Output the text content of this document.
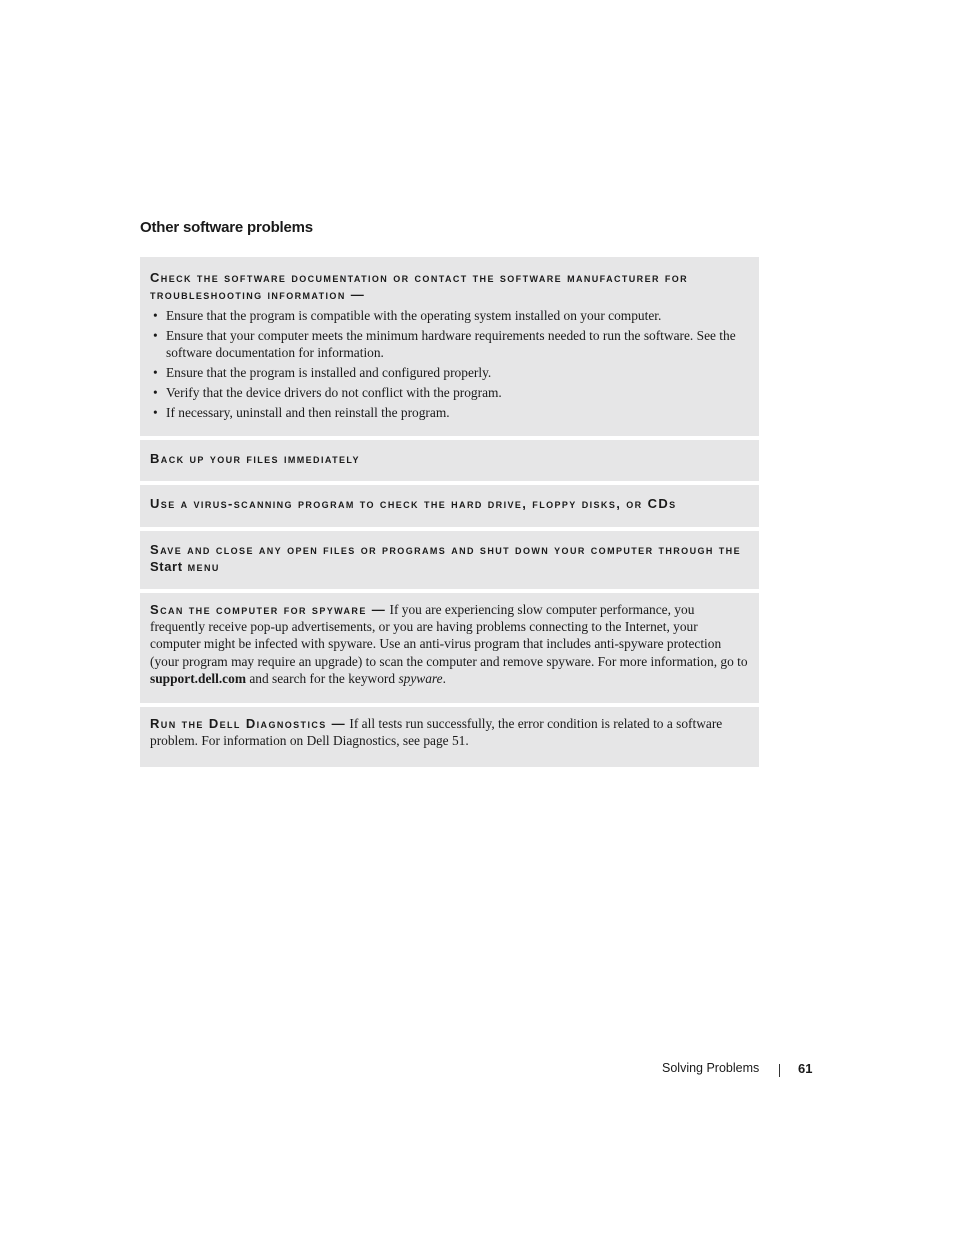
Other software problems
Check the software documentation or contact the software manufacturer for troubleshooting information —
• Ensure that the program is compatible with the operating system installed on your computer.
• Ensure that your computer meets the minimum hardware requirements needed to run the software. See the software documentation for information.
• Ensure that the program is installed and configured properly.
• Verify that the device drivers do not conflict with the program.
• If necessary, uninstall and then reinstall the program.
Back up your files immediately
Use a virus-scanning program to check the hard drive, floppy disks, or CDs
Save and close any open files or programs and shut down your computer through the
Start menu
Scan the computer for spyware — If you are experiencing slow computer performance, you frequently receive pop-up advertisements, or you are having problems connecting to the Internet, your computer might be infected with spyware. Use an anti-virus program that includes anti-spyware protection (your program may require an upgrade) to scan the computer and remove spyware. For more information, go to support.dell.com and search for the keyword spyware.
Run the Dell Diagnostics — If all tests run successfully, the error condition is related to a software problem. For information on Dell Diagnostics, see page 51.
Solving Problems	61
